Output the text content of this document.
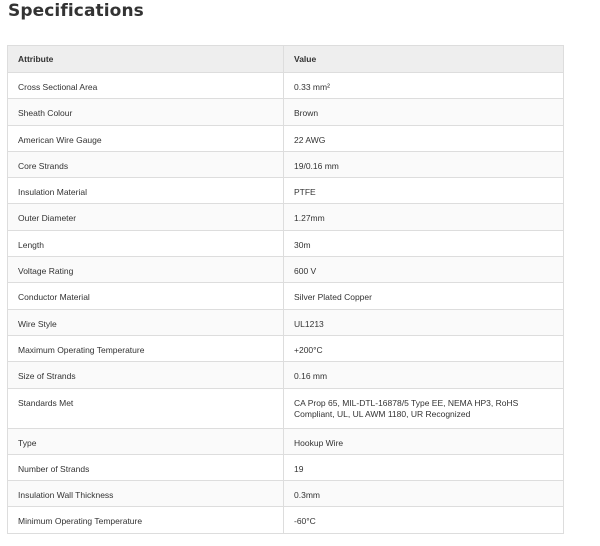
Specifications
Attribute	Value
Cross Sectional Area	0.33 mm²
Sheath Colour	Brown
American Wire Gauge	22 AWG
Core Strands	19/0.16 mm
Insulation Material	PTFE
Outer Diameter	1.27mm
Length	30m
Voltage Rating	600 V
Conductor Material	Silver Plated Copper
Wire Style	UL1213
Maximum Operating Temperature	+200°C
Size of Strands	0.16 mm
Standards Met	CA Prop 65, MIL-DTL-16878/5 Type EE, NEMA HP3, RoHS Compliant, UL, UL AWM 1180, UR Recognized
Type	Hookup Wire
Number of Strands	19
Insulation Wall Thickness	0.3mm
Minimum Operating Temperature	-60°C
